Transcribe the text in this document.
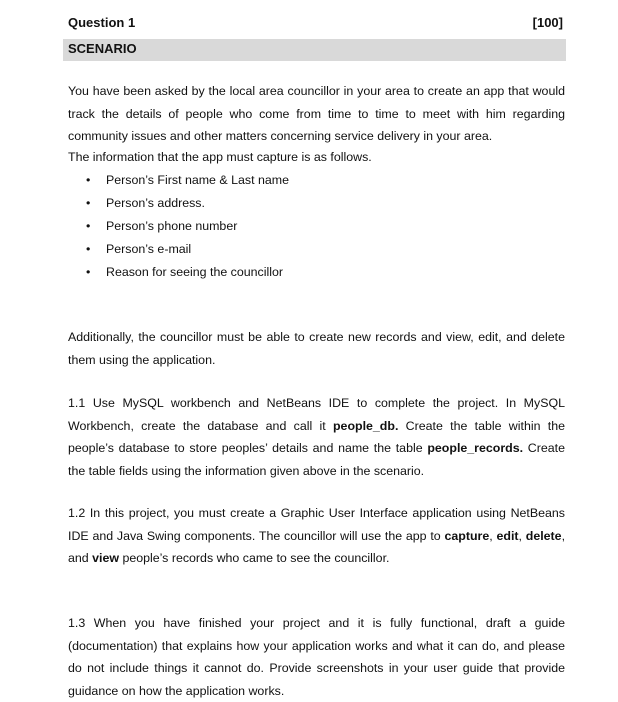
Question 1	[100]
SCENARIO

You have been asked by the local area councillor in your area to create an app that would track the details of people who come from time to time to meet with him regarding community issues and other matters concerning service delivery in your area.

The information that the app must capture is as follows.

• Person’s First name & Last name
• Person’s address.
• Person’s phone number
• Person’s e-mail
• Reason for seeing the councillor

Additionally, the councillor must be able to create new records and view, edit, and delete them using the application.

1.1 Use MySQL workbench and NetBeans IDE to complete the project. In MySQL Workbench, create the database and call it people_db. Create the table within the people’s database to store peoples’ details and name the table people_records. Create the table fields using the information given above in the scenario.

1.2 In this project, you must create a Graphic User Interface application using NetBeans IDE and Java Swing components. The councillor will use the app to capture, edit, delete, and view people’s records who came to see the councillor.

1.3 When you have finished your project and it is fully functional, draft a guide (documentation) that explains how your application works and what it can do, and please do not include things it cannot do. Provide screenshots in your user guide that provide guidance on how the application works.
